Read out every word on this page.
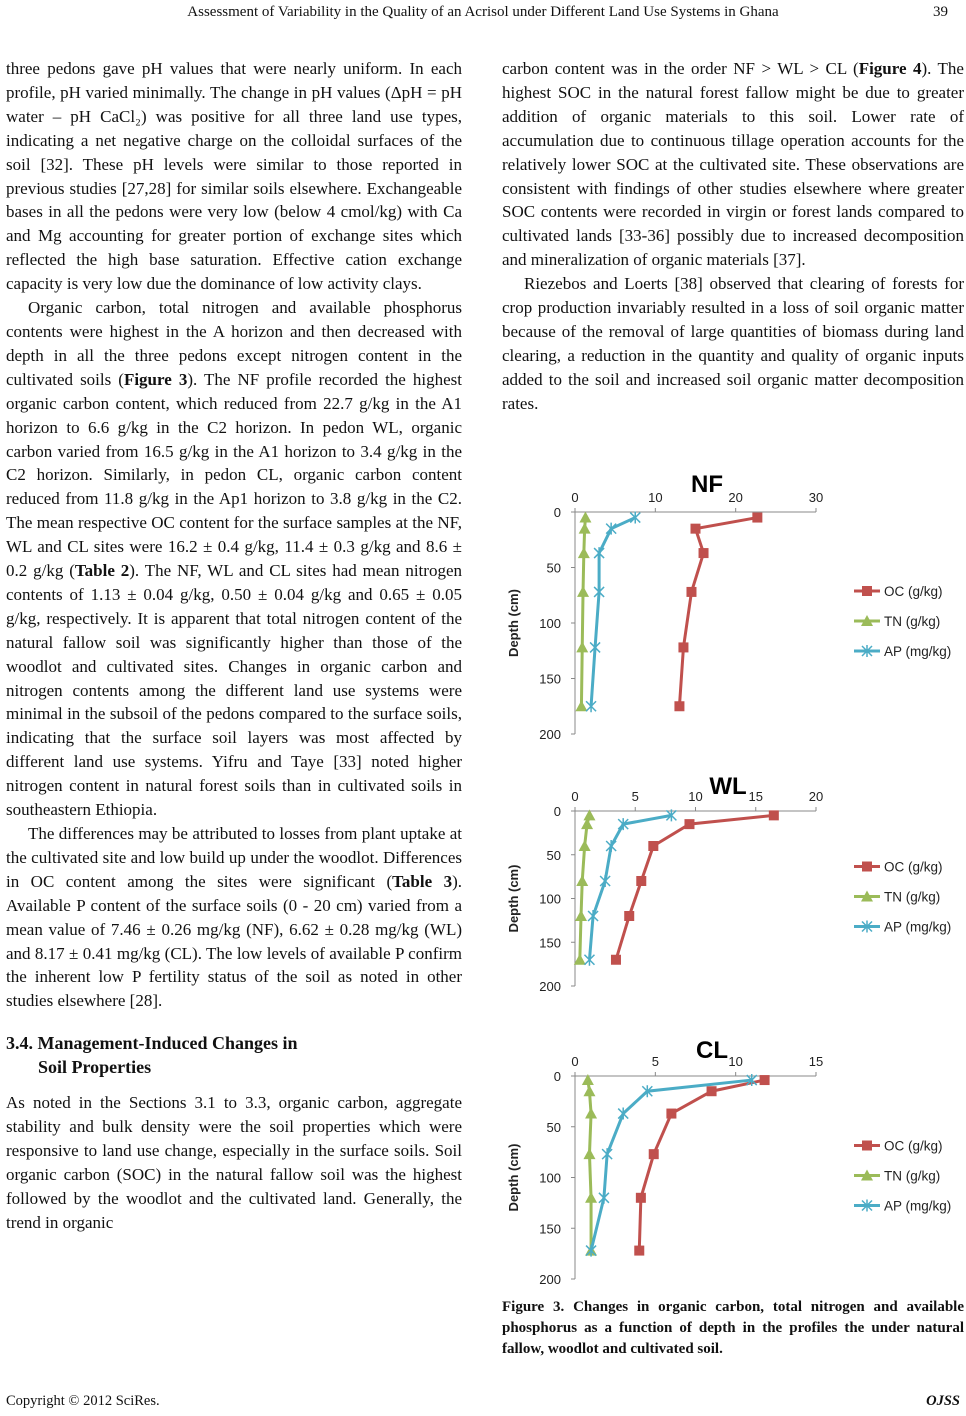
Assessment of Variability in the Quality of an Acrisol under Different Land Use Systems in Ghana	39

three pedons gave pH values that were nearly uniform. In each profile, pH varied minimally. The change in pH values (ΔpH = pH water – pH CaCl₂) was positive for all three land use types, indicating a net negative charge on the colloidal surfaces of the soil [32]. These pH levels were similar to those reported in previous studies [27,28] for similar soils elsewhere. Exchangeable bases in all the pedons were very low (below 4 cmol/kg) with Ca and Mg accounting for greater portion of exchange sites which reflected the high base saturation. Effective cation exchange capacity is very low due the dominance of low activity clays.

Organic carbon, total nitrogen and available phosphorus contents were highest in the A horizon and then decreased with depth in all the three pedons except nitrogen content in the cultivated soils (Figure 3). The NF profile recorded the highest organic carbon content, which reduced from 22.7 g/kg in the A1 horizon to 6.6 g/kg in the C2 horizon. In pedon WL, organic carbon varied from 16.5 g/kg in the A1 horizon to 3.4 g/kg in the C2 horizon. Similarly, in pedon CL, organic carbon content reduced from 11.8 g/kg in the Ap1 horizon to 3.8 g/kg in the C2. The mean respective OC content for the surface samples at the NF, WL and CL sites were 16.2 ± 0.4 g/kg, 11.4 ± 0.3 g/kg and 8.6 ± 0.2 g/kg (Table 2). The NF, WL and CL sites had mean nitrogen contents of 1.13 ± 0.04 g/kg, 0.50 ± 0.04 g/kg and 0.65 ± 0.05 g/kg, respectively. It is apparent that total nitrogen content of the natural fallow soil was significantly higher than those of the woodlot and cultivated sites. Changes in organic carbon and nitrogen contents among the different land use systems were minimal in the subsoil of the pedons compared to the surface soils, indicating that the surface soil layers was most affected by different land use systems. Yifru and Taye [33] noted higher nitrogen content in natural forest soils than in cultivated soils in southeastern Ethiopia.

The differences may be attributed to losses from plant uptake at the cultivated site and low build up under the woodlot. Differences in OC content among the sites were significant (Table 3). Available P content of the surface soils (0 - 20 cm) varied from a mean value of 7.46 ± 0.26 mg/kg (NF), 6.62 ± 0.28 mg/kg (WL) and 8.17 ± 0.41 mg/kg (CL). The low levels of available P confirm the inherent low P fertility status of the soil as noted in other studies elsewhere [28].

3.4. Management-Induced Changes in
Soil Properties

As noted in the Sections 3.1 to 3.3, organic carbon, aggregate stability and bulk density were the soil properties which were responsive to land use change, especially in the surface soils. Soil organic carbon (SOC) in the natural fallow soil was the highest followed by the woodlot and the cultivated land. Generally, the trend in organic

carbon content was in the order NF > WL > CL (Figure 4). The highest SOC in the natural forest fallow might be due to greater addition of organic materials to this soil. Lower rate of accumulation due to continuous tillage operation accounts for the relatively lower SOC at the cultivated site. These observations are consistent with findings of other studies elsewhere where greater SOC contents were recorded in virgin or forest lands compared to cultivated lands [33-36] possibly due to increased decomposition and mineralization of organic materials [37].

Riezebos and Loerts [38] observed that clearing of forests for crop production invariably resulted in a loss of soil organic matter because of the removal of large quantities of biomass during land clearing, a reduction in the quantity and quality of organic inputs added to the soil and increased soil organic matter decomposition rates.

0	10	20	30
0
50
100
150
200
Depth (cm)
NF
OC (g/kg)
TN (g/kg)
AP (mg/kg)
0	5	10	15	20
0
50
100
150
200
Depth (cm)
WL
OC (g/kg)
TN (g/kg)
AP (mg/kg)
0	5	10	15
0
50
100
150
200
Depth (cm)
CL
OC (g/kg)
TN (g/kg)
AP (mg/kg)
Figure 3. Changes in organic carbon, total nitrogen and available phosphorus as a function of depth in the profiles the under natural fallow, woodlot and cultivated soil.
Copyright © 2012 SciRes.	OJSS
